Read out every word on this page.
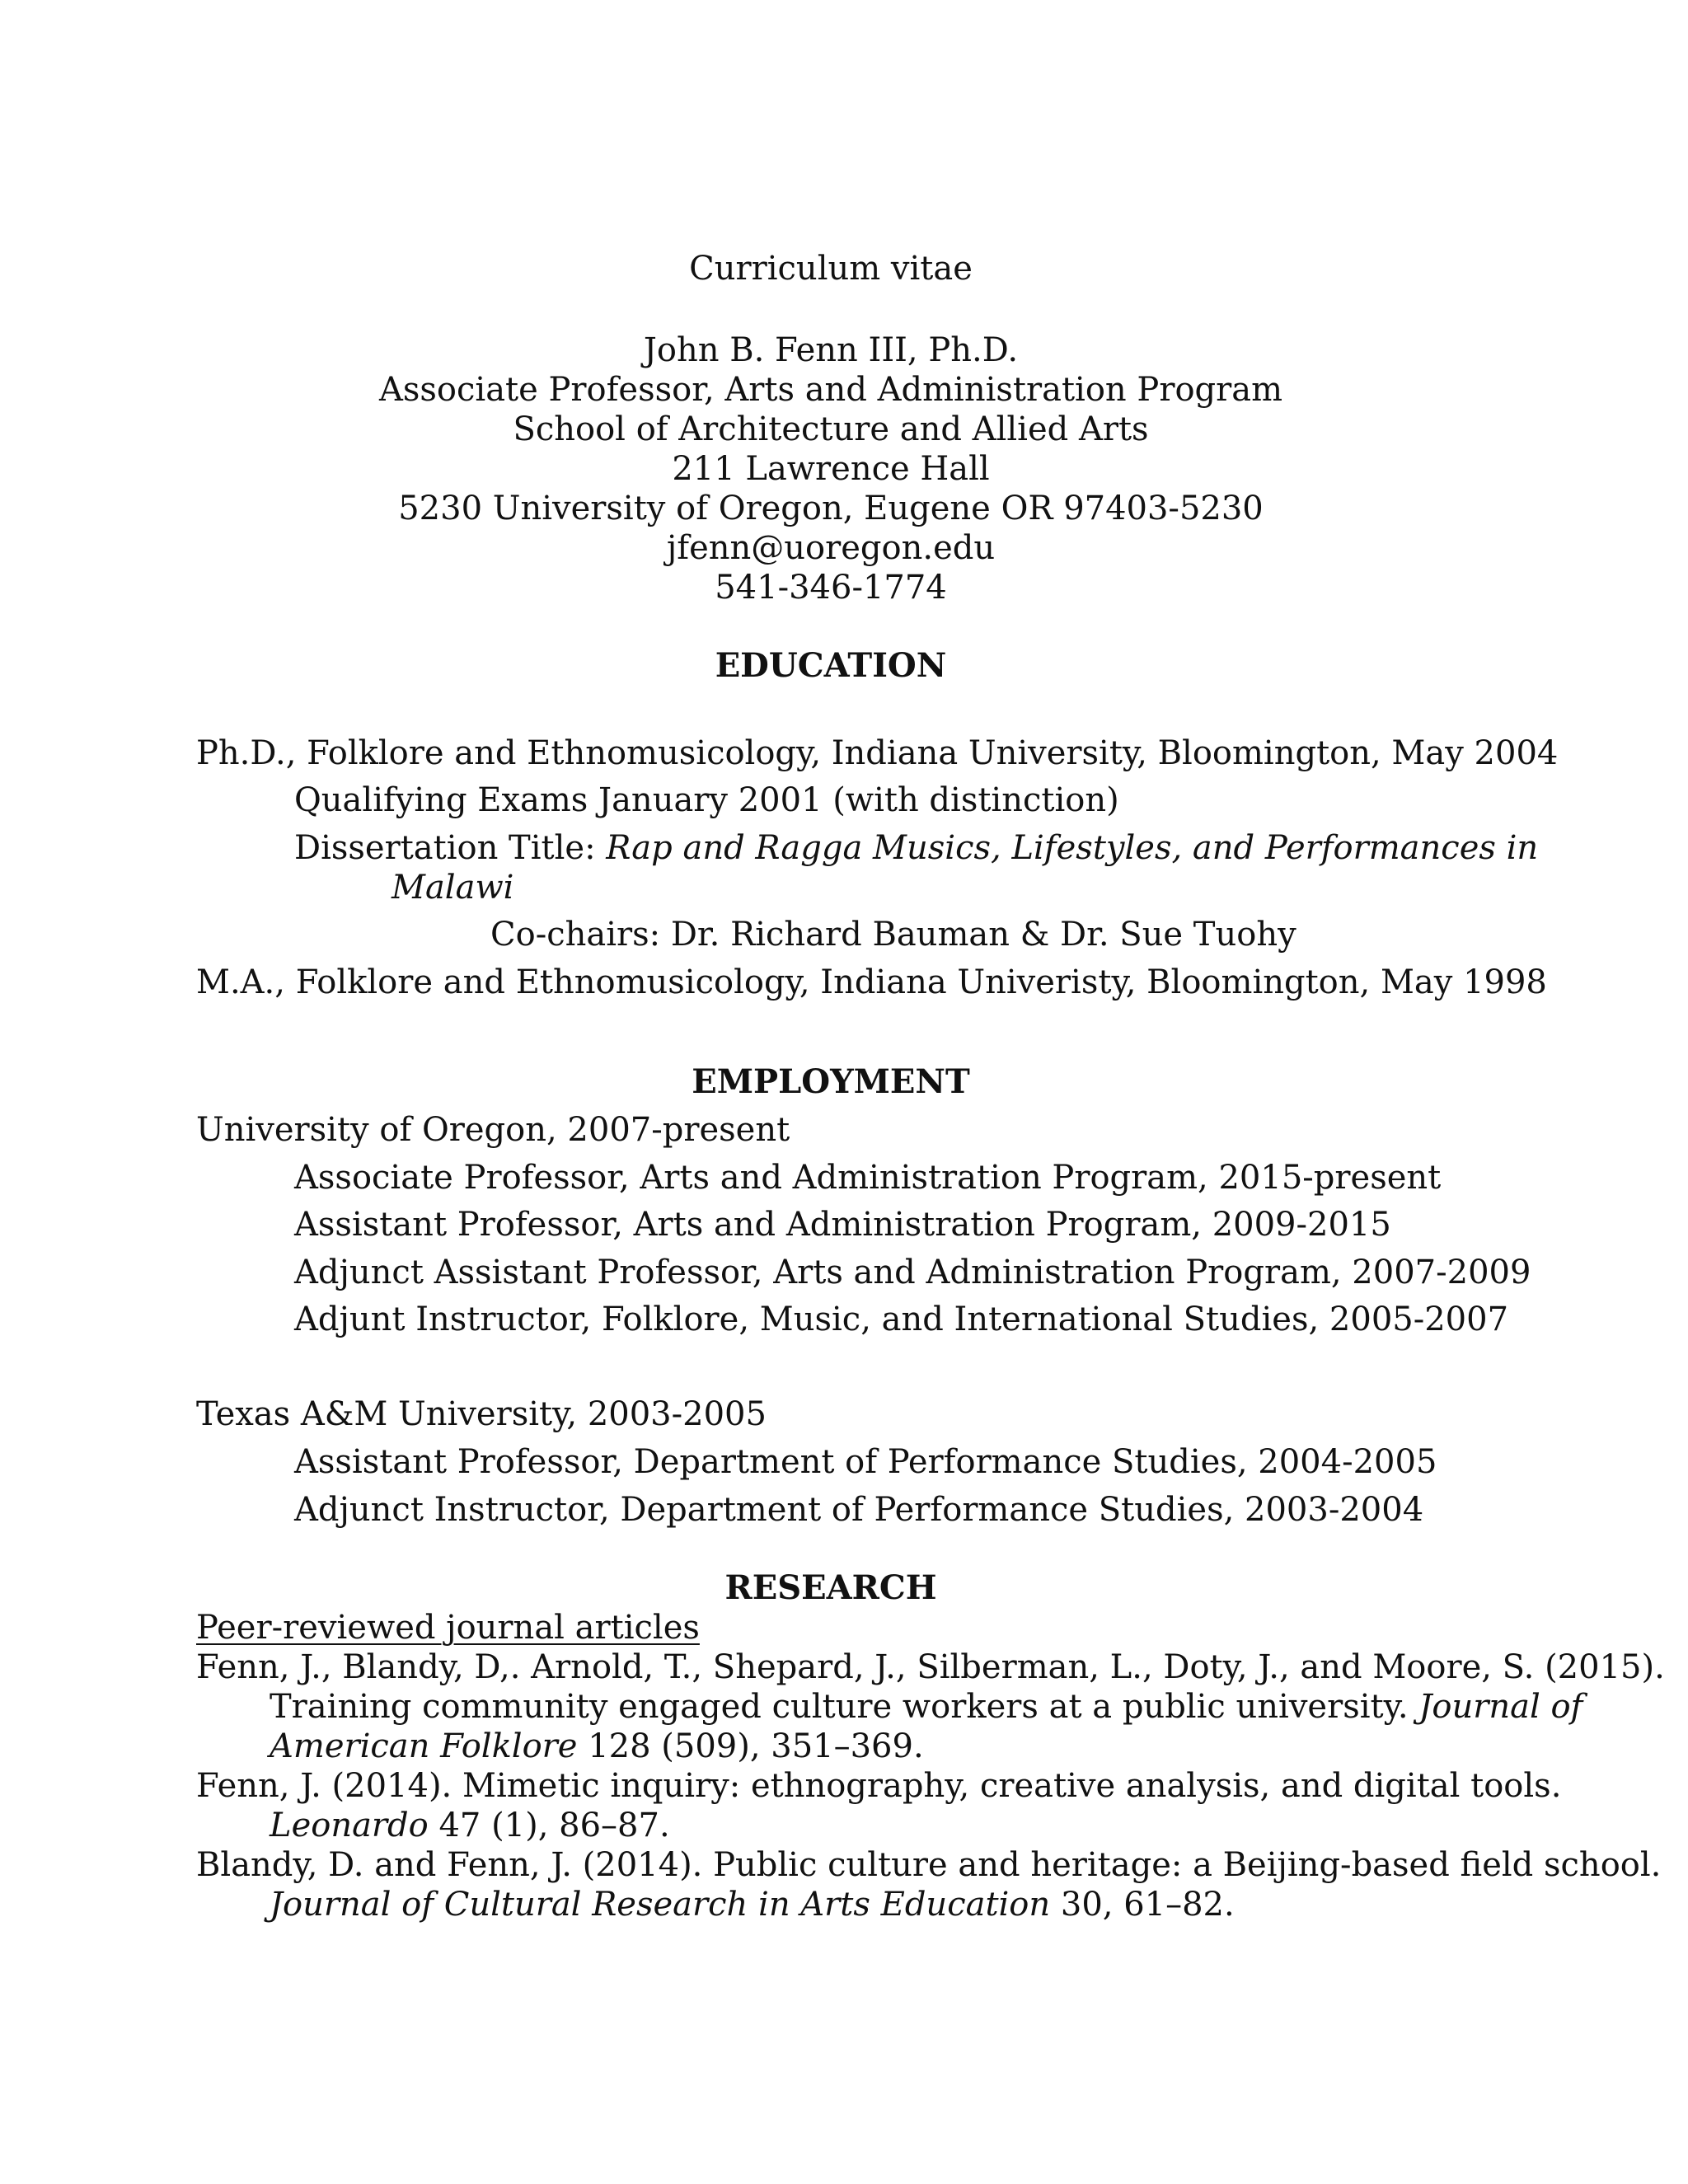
Curriculum vitae
John B. Fenn III, Ph.D.
Associate Professor, Arts and Administration Program
School of Architecture and Allied Arts
211 Lawrence Hall
5230 University of Oregon, Eugene OR 97403-5230
jfenn@uoregon.edu
541-346-1774
EDUCATION
Ph.D., Folklore and Ethnomusicology, Indiana University, Bloomington, May 2004
Qualifying Exams January 2001 (with distinction)
Dissertation Title: Rap and Ragga Musics, Lifestyles, and Performances in
Malawi
Co-chairs: Dr. Richard Bauman & Dr. Sue Tuohy
M.A., Folklore and Ethnomusicology, Indiana Univeristy, Bloomington, May 1998
EMPLOYMENT
University of Oregon, 2007-present
Associate Professor, Arts and Administration Program, 2015-present
Assistant Professor, Arts and Administration Program, 2009-2015
Adjunct Assistant Professor, Arts and Administration Program, 2007-2009
Adjunt Instructor, Folklore, Music, and International Studies, 2005-2007
Texas A&M University, 2003-2005
Assistant Professor, Department of Performance Studies, 2004-2005
Adjunct Instructor, Department of Performance Studies, 2003-2004
RESEARCH
Peer-reviewed journal articles
Fenn, J., Blandy, D,. Arnold, T., Shepard, J., Silberman, L., Doty, J., and Moore, S. (2015).
Training community engaged culture workers at a public university. Journal of
American Folklore 128 (509), 351–369.
Fenn, J. (2014). Mimetic inquiry: ethnography, creative analysis, and digital tools.
Leonardo 47 (1), 86–87.
Blandy, D. and Fenn, J. (2014). Public culture and heritage: a Beijing-based field school.
Journal of Cultural Research in Arts Education 30, 61–82.
